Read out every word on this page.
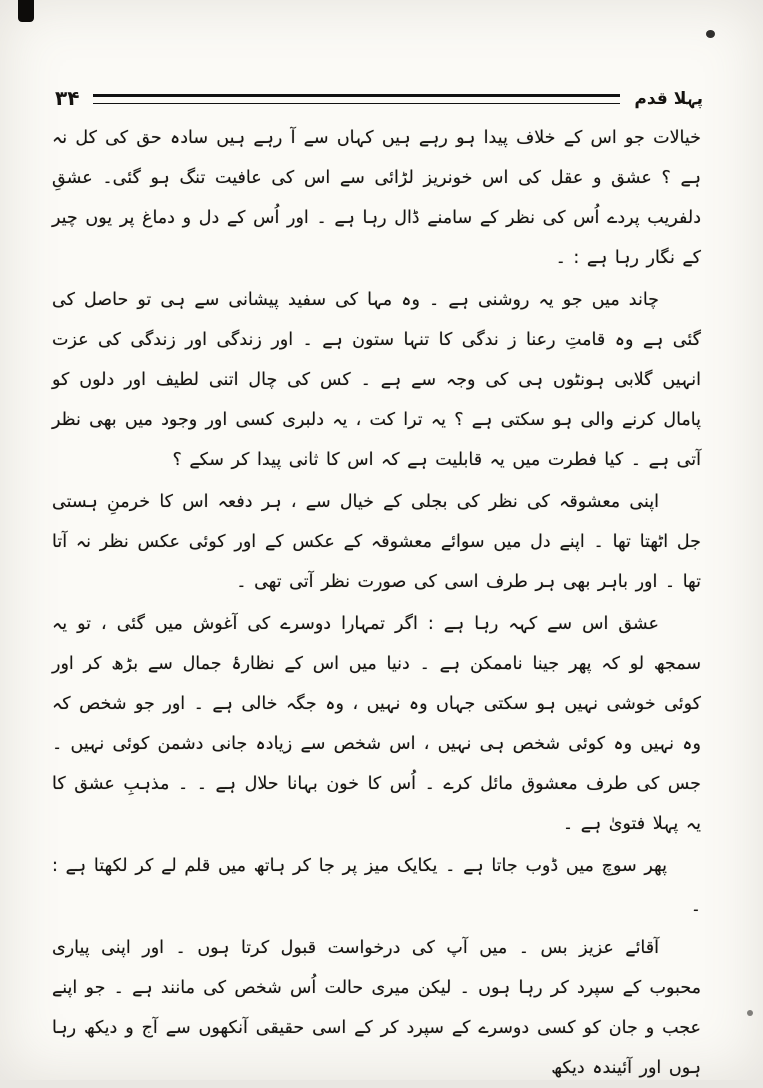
پہلا قدم
۳۴

خیالات جو اس کے خلاف پیدا ہو رہے ہیں کہاں سے آ رہے ہیں سادہ حق کی کل نہ ہے ؟ عشق و عقل کی اس خونریز لڑائی سے اس کی عافیت تنگ ہو گئی۔ عشقِ دلفریب پردے اُس کی نظر کے سامنے ڈال رہا ہے ۔ اور اُس کے دل و دماغ پر یوں چیر کے نگار رہا ہے : ۔

چاند میں جو یہ روشنی ہے ۔ وہ مہا کی سفید پیشانی سے ہی تو حاصل کی گئی ہے وہ قامتِ رعنا ز ندگی کا تنہا ستون ہے ۔ اور زندگی اور زندگی کی عزت انہیں گلابی ہونٹوں ہی کی وجہ سے ہے ۔ کس کی چال اتنی لطیف اور دلوں کو پامال کرنے والی ہو سکتی ہے ؟ یہ ترا کت ، یہ دلبری کسی اور وجود میں بھی نظر آتی ہے ۔ کیا فطرت میں یہ قابلیت ہے کہ اس کا ثانی پیدا کر سکے ؟

اپنی معشوقہ کی نظر کی بجلی کے خیال سے ، ہر دفعہ اس کا خرمنِ ہستی جل اٹھتا تھا ۔ اپنے دل میں سوائے معشوقہ کے عکس کے اور کوئی عکس نظر نہ آتا تھا ۔ اور باہر بھی ہر طرف اسی کی صورت نظر آتی تھی ۔

عشق اس سے کہہ رہا ہے : اگر تمہارا دوسرے کی آغوش میں گئی ، تو یہ سمجھ لو کہ پھر جینا ناممکن ہے ۔ دنیا میں اس کے نظارۂ جمال سے بڑھ کر اور کوئی خوشی نہیں ہو سکتی جہاں وہ نہیں ، وہ جگہ خالی ہے ۔ اور جو شخص کہ وہ نہیں وہ کوئی شخص ہی نہیں ، اس شخص سے زیادہ جانی دشمن کوئی نہیں ۔ جس کی طرف معشوق مائل کرے ۔ اُس کا خون بہانا حلال ہے ۔ ۔ مذہبِ عشق کا یہ پہلا فتویٰ ہے ۔

پھر سوچ میں ڈوب جاتا ہے ۔ یکایک میز پر جا کر ہاتھ میں قلم لے کر لکھتا ہے : ۔

آقائے عزیز بس ۔ میں آپ کی درخواست قبول کرتا ہوں ۔ اور اپنی پیاری محبوب کے سپرد کر رہا ہوں ۔ لیکن میری حالت اُس شخص کی مانند ہے ۔ جو اپنے عجب و جان کو کسی دوسرے کے سپرد کر کے اسی حقیقی آنکھوں سے آج و دیکھ رہا ہوں اور آئیندہ دیکھ
